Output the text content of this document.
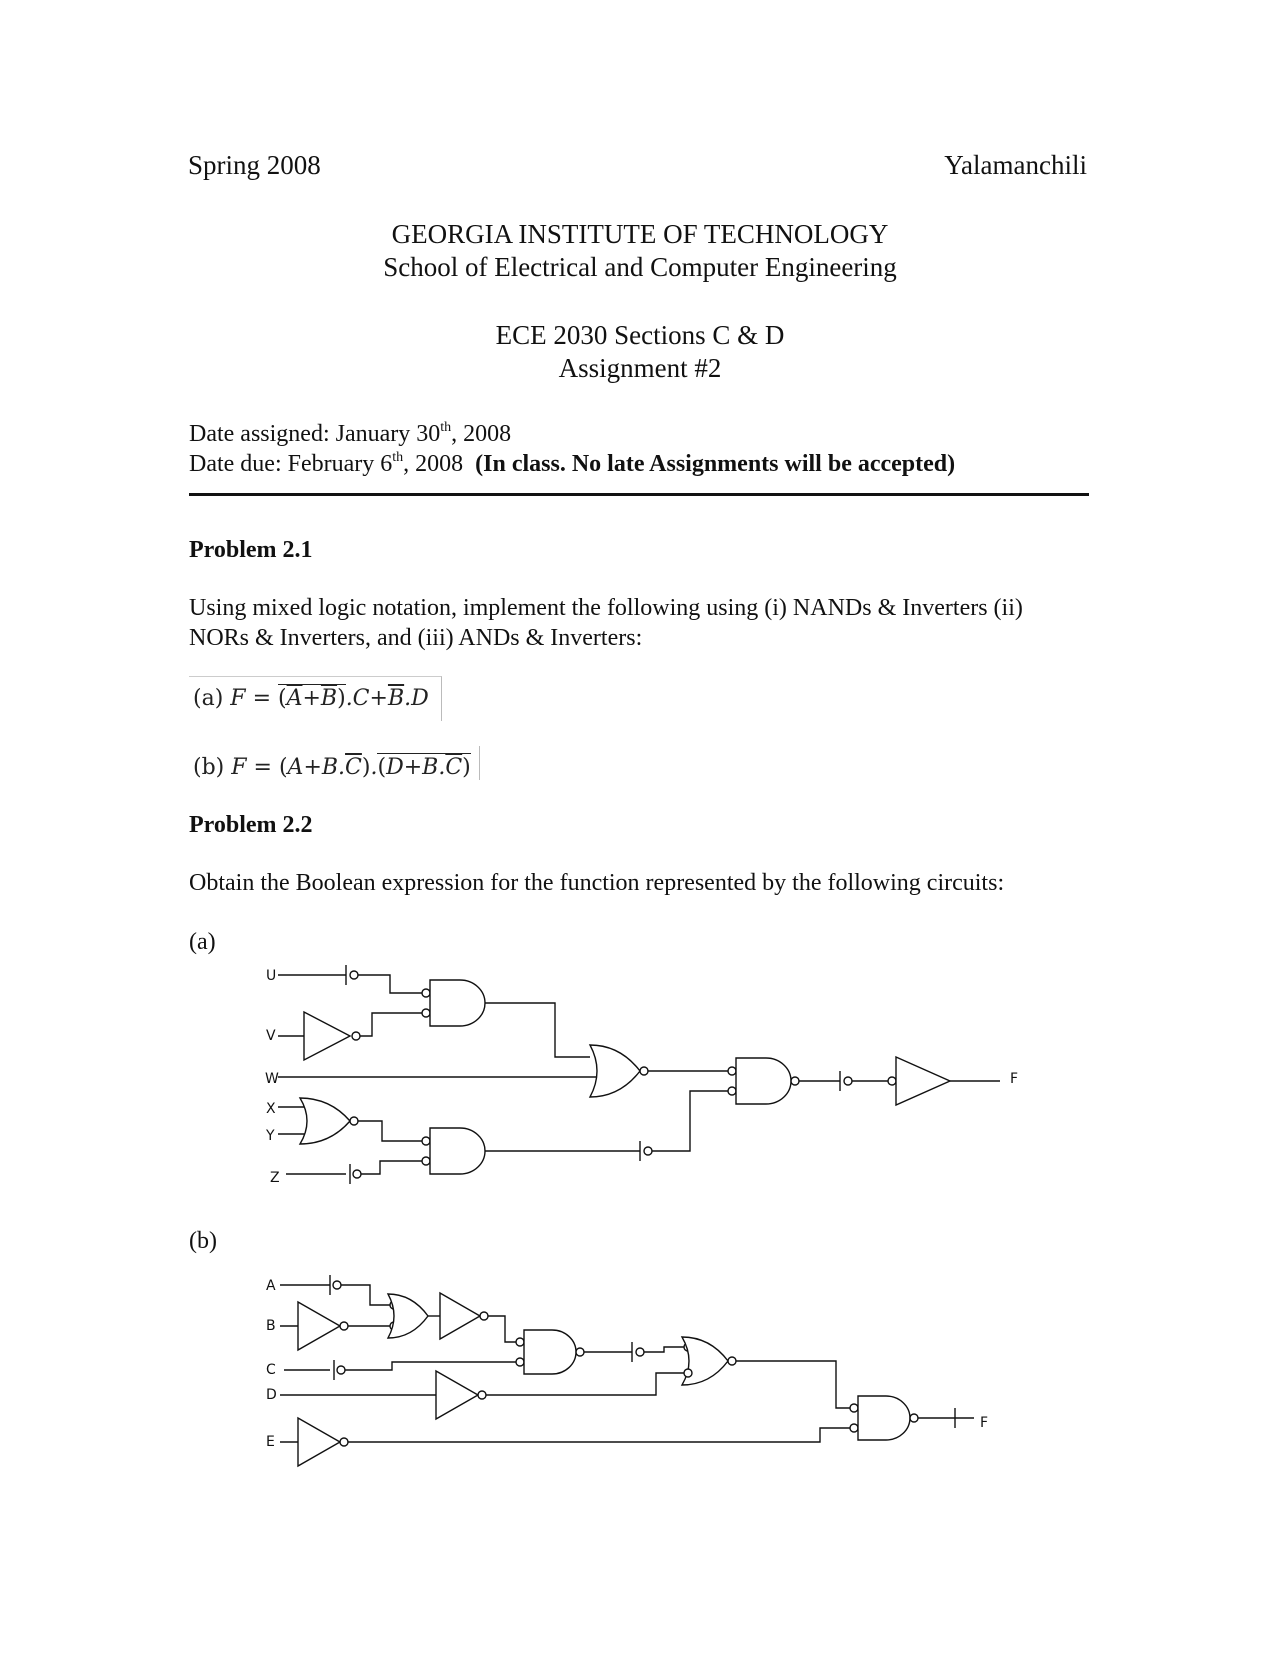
Spring 2008	Yalamanchili
GEORGIA INSTITUTE OF TECHNOLOGY
School of Electrical and Computer Engineering
ECE 2030 Sections C & D
Assignment #2
Date assigned: January 30th, 2008
Date due: February 6th, 2008 (In class. No late Assignments will be accepted)
Problem 2.1
Using mixed logic notation, implement the following using (i) NANDs & Inverters (ii)
NORs & Inverters, and (iii) ANDs & Inverters:
(a) $F = (\overline{A}+\overline{B}).C+\overline{B}.D$
(b) $F = (A+B.\overline{C}).(D+B.\overline{C})$
Problem 2.2
Obtain the Boolean expression for the function represented by the following circuits:
(a)
(b)
U
V
W
X
Y
Z
F
A
B
C
D
E
F
